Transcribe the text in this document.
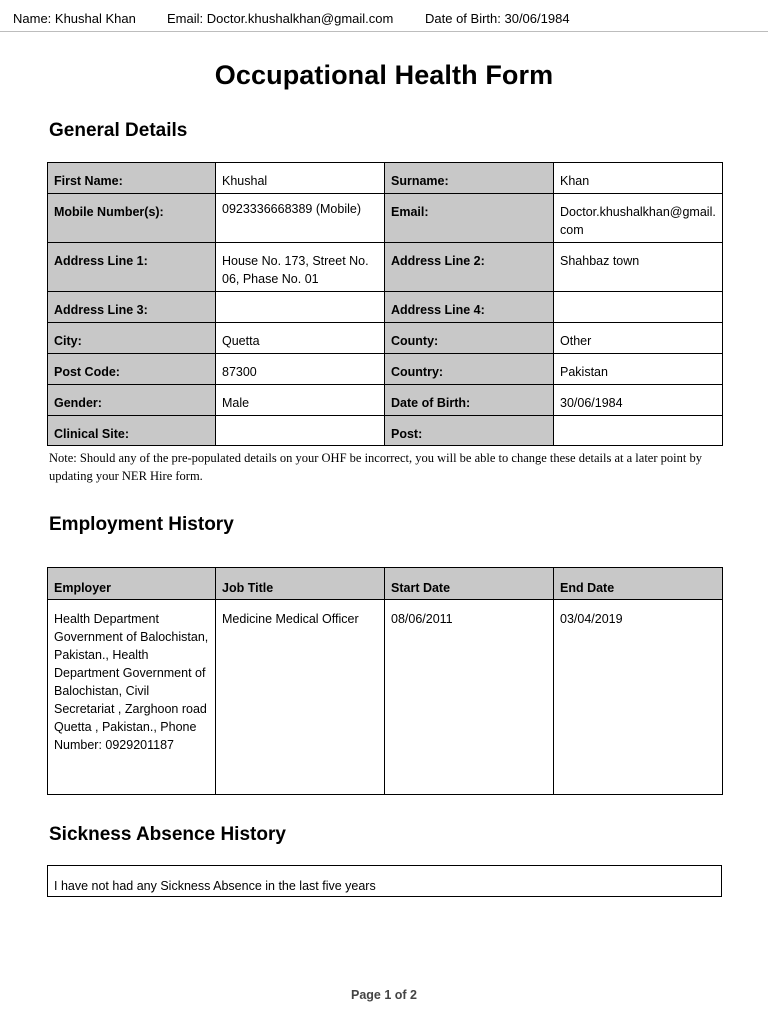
Name: Khushal Khan Email: Doctor.khushalkhan@gmail.com Date of Birth: 30/06/1984
Occupational Health Form
General Details
First Name:	Khushal	Surname:	Khan
Mobile Number(s):	0923336668389 (Mobile)	Email:	Doctor.khushalkhan@gmail.com
Address Line 1:	House No. 173, Street No. 06, Phase No. 01	Address Line 2:	Shahbaz town
Address Line 3:		Address Line 4:	
City:	Quetta	County:	Other
Post Code:	87300	Country:	Pakistan
Gender:	Male	Date of Birth:	30/06/1984
Clinical Site:		Post:	

Note: Should any of the pre-populated details on your OHF be incorrect, you will be able to change these details at a later point by updating your NER Hire form.

Employment History
Employer	Job Title	Start Date	End Date
Health Department Government of Balochistan, Pakistan., Health Department Government of Balochistan, Civil Secretariat , Zarghoon road Quetta , Pakistan., Phone Number: 0929201187	Medicine Medical Officer	08/06/2011	03/04/2019
Sickness Absence History
I have not had any Sickness Absence in the last five years
Page 1 of 2
